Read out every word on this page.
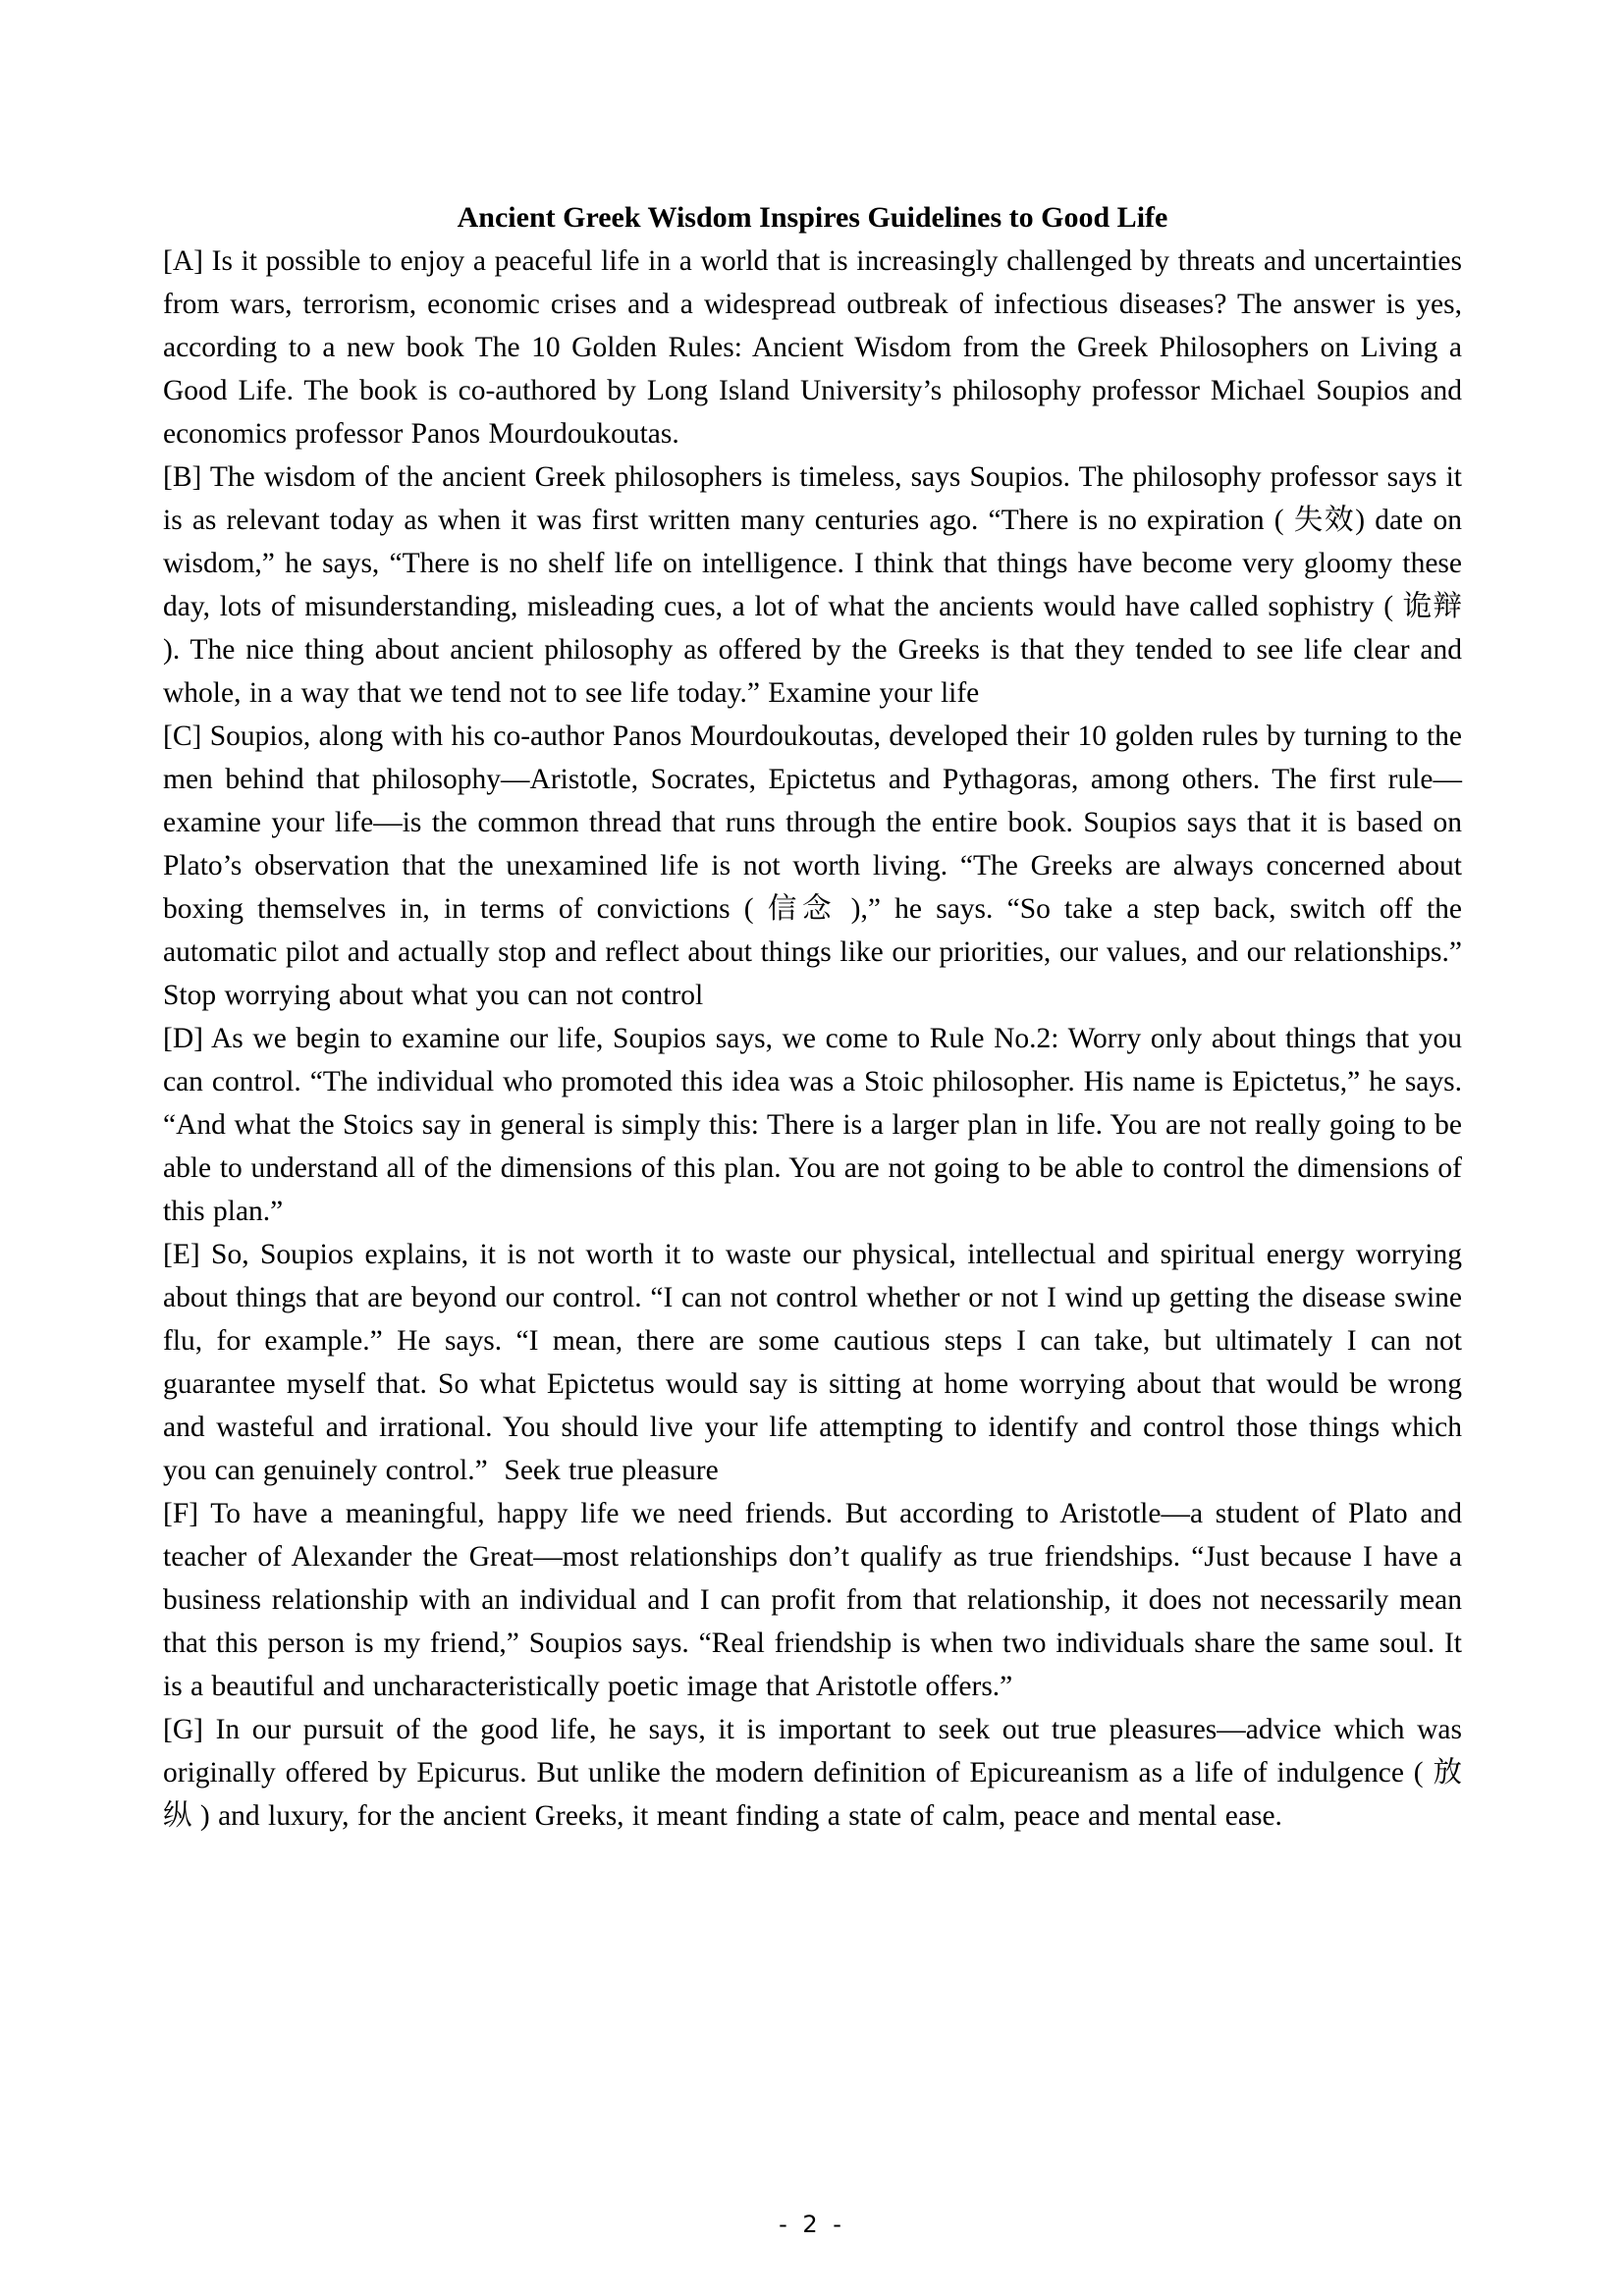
Ancient Greek Wisdom Inspires Guidelines to Good Life

[A] Is it possible to enjoy a peaceful life in a world that is increasingly challenged by threats and uncertainties from wars, terrorism, economic crises and a widespread outbreak of infectious diseases? The answer is yes, according to a new book The 10 Golden Rules: Ancient Wisdom from the Greek Philosophers on Living a Good Life. The book is co-authored by Long Island University’s philosophy professor Michael Soupios and economics professor Panos Mourdoukoutas.

[B] The wisdom of the ancient Greek philosophers is timeless, says Soupios. The philosophy professor says it is as relevant today as when it was first written many centuries ago. “There is no expiration ( 失效) date on wisdom,” he says, “There is no shelf life on intelligence. I think that things have become very gloomy these day, lots of misunderstanding, misleading cues, a lot of what the ancients would have called sophistry ( 诡辩 ). The nice thing about ancient philosophy as offered by the Greeks is that they tended to see life clear and whole, in a way that we tend not to see life today.” Examine your life

[C] Soupios, along with his co-author Panos Mourdoukoutas, developed their 10 golden rules by turning to the men behind that philosophy—Aristotle, Socrates, Epictetus and Pythagoras, among others. The first rule—examine your life—is the common thread that runs through the entire book. Soupios says that it is based on Plato’s observation that the unexamined life is not worth living. “The Greeks are always concerned about boxing themselves in, in terms of convictions ( 信念 ),” he says. “So take a step back, switch off the automatic pilot and actually stop and reflect about things like our priorities, our values, and our relationships.” Stop worrying about what you can not control

[D] As we begin to examine our life, Soupios says, we come to Rule No.2: Worry only about things that you can control. “The individual who promoted this idea was a Stoic philosopher. His name is Epictetus,” he says. “And what the Stoics say in general is simply this: There is a larger plan in life. You are not really going to be able to understand all of the dimensions of this plan. You are not going to be able to control the dimensions of this plan.”

[E] So, Soupios explains, it is not worth it to waste our physical, intellectual and spiritual energy worrying about things that are beyond our control. “I can not control whether or not I wind up getting the disease swine flu, for example.” He says. “I mean, there are some cautious steps I can take, but ultimately I can not guarantee myself that. So what Epictetus would say is sitting at home worrying about that would be wrong and wasteful and irrational. You should live your life attempting to identify and control those things which you can genuinely control.”  Seek true pleasure

[F] To have a meaningful, happy life we need friends. But according to Aristotle—a student of Plato and teacher of Alexander the Great—most relationships don’t qualify as true friendships. “Just because I have a business relationship with an individual and I can profit from that relationship, it does not necessarily mean that this person is my friend,” Soupios says. “Real friendship is when two individuals share the same soul. It is a beautiful and uncharacteristically poetic image that Aristotle offers.”

[G] In our pursuit of the good life, he says, it is important to seek out true pleasures—advice which was originally offered by Epicurus. But unlike the modern definition of Epicureanism as a life of indulgence ( 放纵 ) and luxury, for the ancient Greeks, it meant finding a state of calm, peace and mental ease.

- 2 -
